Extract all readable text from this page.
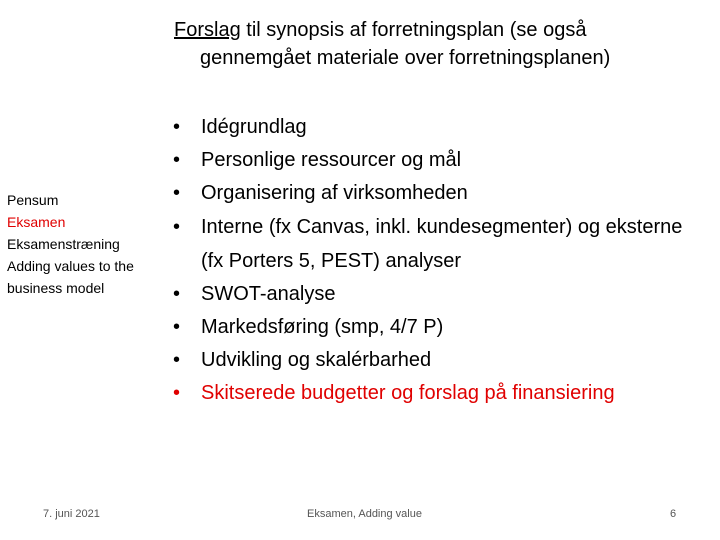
Forslag til synopsis af forretningsplan (se også
gennemgået materiale over forretningsplanen)
Pensum
Eksamen
Eksamenstræning
Adding values to the business model
• Idégrundlag
• Personlige ressourcer og mål
• Organisering af virksomheden
• Interne (fx Canvas, inkl. kundesegmenter) og eksterne (fx Porters 5, PEST) analyser
• SWOT-analyse
• Markedsføring (smp, 4/7 P)
• Udvikling og skalérbarhed
• Skitserede budgetter og forslag på finansiering
7. juni 2021	Eksamen, Adding value	6
